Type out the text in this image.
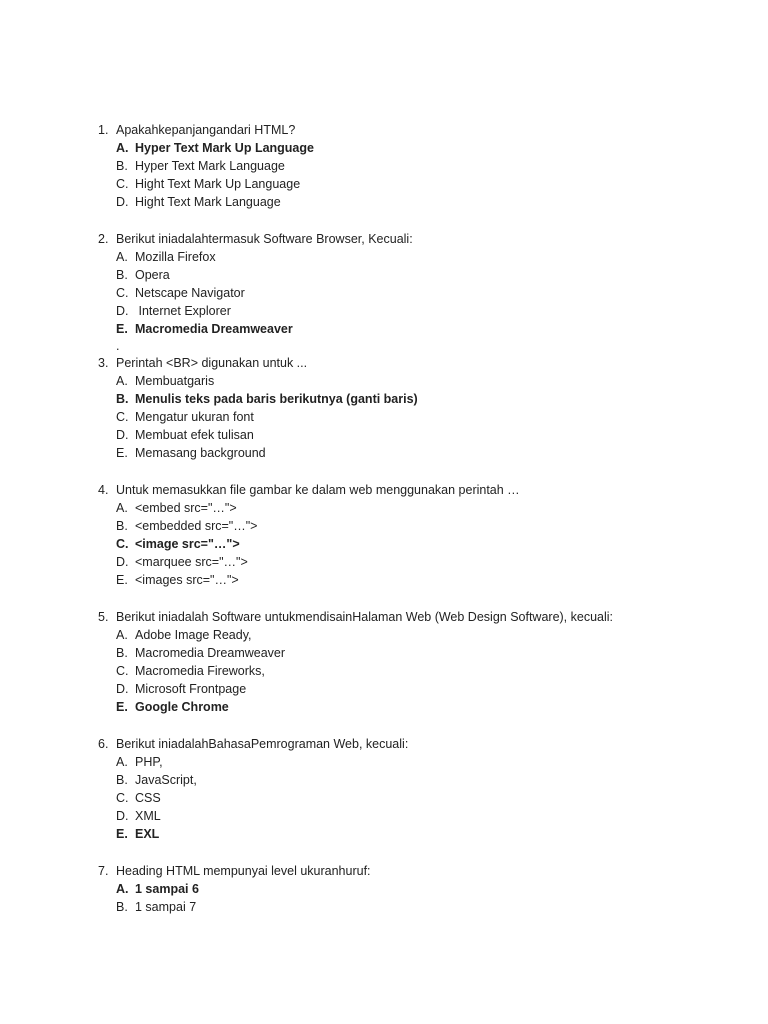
1. Apakahkepanjangandari HTML?
A. Hyper Text Mark Up Language
B. Hyper Text Mark Language
C. Hight Text Mark Up Language
D. Hight Text Mark Language
2. Berikut iniadalahtermasuk Software Browser, Kecuali:
A. Mozilla Firefox
B. Opera
C. Netscape Navigator
D. Internet Explorer
E. Macromedia Dreamweaver
.
3. Perintah <BR> digunakan untuk ...
A. Membuatgaris
B. Menulis teks pada baris berikutnya (ganti baris)
C. Mengatur ukuran font
D. Membuat efek tulisan
E. Memasang background
4. Untuk memasukkan file gambar ke dalam web menggunakan perintah …
A. <embed src="…">
B. <embedded src="…">
C. <image src="…">
D. <marquee src="…">
E. <images src="…">
5. Berikut iniadalah Software untukmendisainHalaman Web (Web Design Software), kecuali:
A. Adobe Image Ready,
B. Macromedia Dreamweaver
C. Macromedia Fireworks,
D. Microsoft Frontpage
E. Google Chrome
6. Berikut iniadalahBahasaPemrograman Web, kecuali:
A. PHP,
B. JavaScript,
C. CSS
D. XML
E. EXL
7. Heading HTML mempunyai level ukuranhuruf:
A. 1 sampai 6
B. 1 sampai 7
